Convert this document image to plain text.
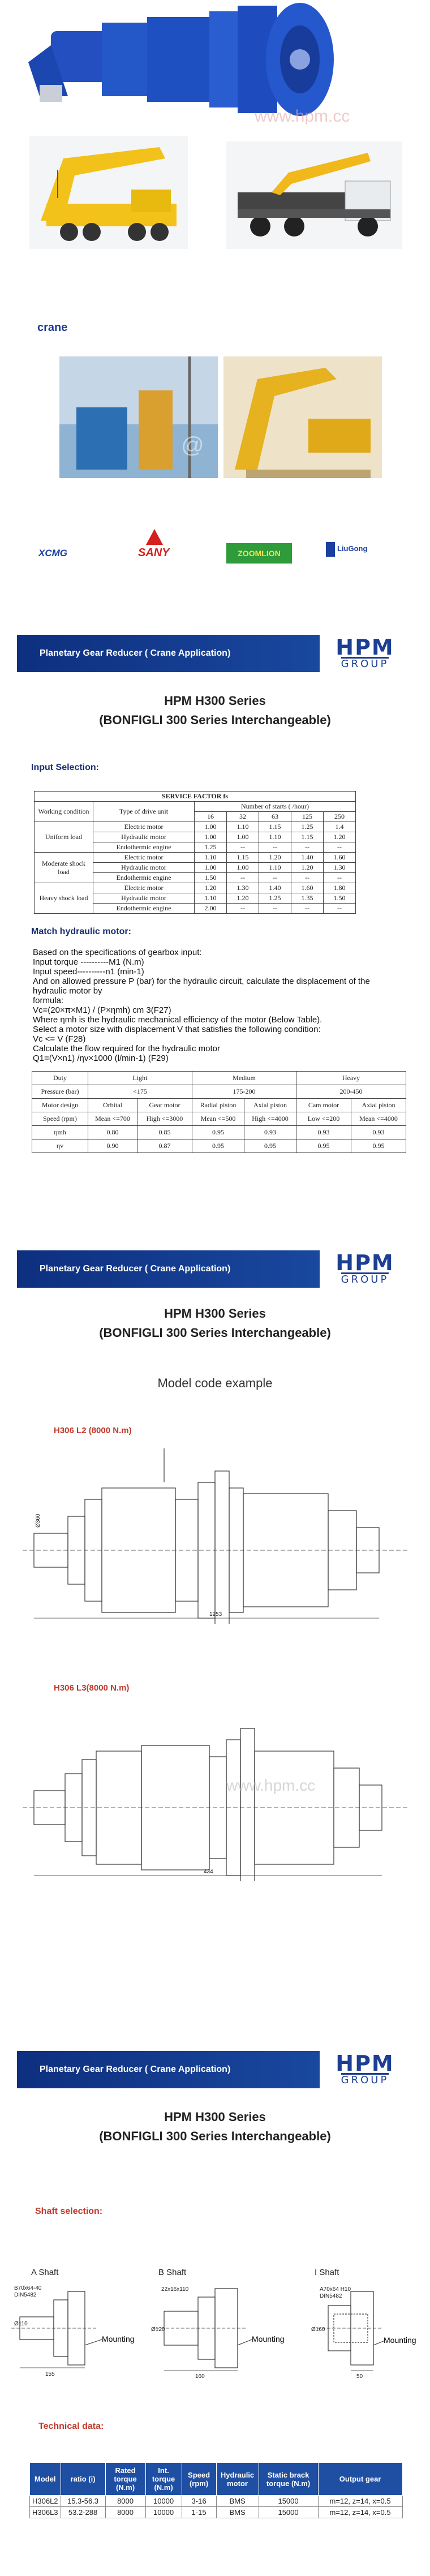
www.hpm.cc
crane
XCMG	SANY	ZOOMLION
LiuGong
Planetary Gear Reducer ( Crane Application)	HPM
GROUP
HPM H300 Series
(BONFIGLI 300 Series Interchangeable)
Input Selection:
SERVICE FACTOR fs						
Working condition	Type of drive unit	Number of starts ( /hour)				
		16	32	63	125	250
Uniform load	Electric motor	1.00	1.10	1.15	1.25	1.4
	Hydraulic motor	1.00	1.00	1.10	1.15	1.20
	Endothermic engine	1.25	--	--	--	--
Moderate shock load	Electric motor	1.10	1.15	1.20	1.40	1.60
	Hydraulic motor	1.00	1.00	1.10	1.20	1.30
	Endothermic engine	1.50	--	--	--	--
Heavy shock load	Electric motor	1.20	1.30	1.40	1.60	1.80
	Hydraulic motor	1.10	1.20	1.25	1.35	1.50
	Endothermic engine	2.00	--	--	--	--
Match hydraulic motor:
Based on the specifications of gearbox input:
Input torque ----------M1 (N.m)
Input speed----------n1 (min-1)
And on allowed pressure P (bar) for the hydraulic circuit, calculate the displacement of the
hydraulic motor by
formula:
Vc=(20×π×M1) / (P×ηmh) cm 3(F27)
Where ηmh is the hydraulic mechanical efficiency of the motor (Below Table).
Select a motor size with displacement V that satisfies the following condition:
Vc <= V (F28)
Calculate the flow required for the hydraulic motor
Q1=(V×n1) /ηv×1000 (l/min-1) (F29)
Duty	Light		Medium		Heavy	
Pressure (bar)	<175		175-200		200-450	
Motor design	Orbital	Gear motor	Radial piston	Axial piston	Cam motor	Axial piston
Speed (rpm)	Mean <=700	High <=3000	Mean <=500	High <=4000	Low <=200	Mean <=4000
ηmh	0.80	0.85	0.95	0.93	0.93	0.93
ηv	0.90	0.87	0.95	0.95	0.95	0.95
Planetary Gear Reducer ( Crane Application)	HPM
GROUP
HPM H300 Series
(BONFIGLI 300 Series Interchangeable)
Model code example
H306 L2 (8000 N.m)
1253
Ø360
H306 L3(8000 N.m)
434
www.hpm.cc
Planetary Gear Reducer ( Crane Application)	HPM
GROUP
HPM H300 Series
(BONFIGLI 300 Series Interchangeable)
Shaft selection:
A Shaft	B Shaft	I Shaft
B70x64-40
DIN5482
Ø110
155
Mounting
22x16x110
Ø120
160
Mounting
A70x64 H10
DIN5482
Ø160
50
Mounting
Technical data:
Model	ratio (i)	Rated torque (N.m)	Int. torque (N.m)	Speed (rpm)	Hydraulic motor	Static brack torque (N.m)	Output gear
H306L2	15.3-56.3	8000	10000	3-16	BMS	15000	m=12, z=14, x=0.5
H306L3	53.2-288	8000	10000	1-15	BMS	15000	m=12, z=14, x=0.5
@
